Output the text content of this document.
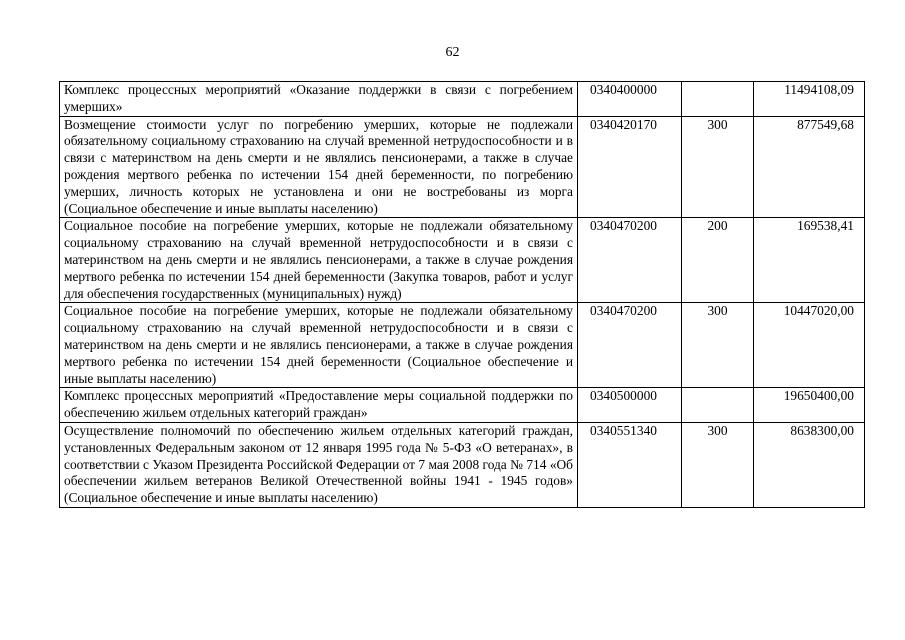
62
Комплекс процессных мероприятий «Оказание поддержки в связи с погребением умерших»	0340400000		11494108,09
Возмещение стоимости услуг по погребению умерших, которые не подлежали обязательному социальному страхованию на случай временной нетрудоспособности и в связи с материнством на день смерти и не являлись пенсионерами, а также в случае рождения мертвого ребенка по истечении 154 дней беременности, по погребению умерших, личность которых не установлена и они не востребованы из морга (Социальное обеспечение и иные выплаты населению)	0340420170	300	877549,68
Социальное пособие на погребение умерших, которые не подлежали обязательному социальному страхованию на случай временной нетрудоспособности и в связи с материнством на день смерти и не являлись пенсионерами, а также в случае рождения мертвого ребенка по истечении 154 дней беременности (Закупка товаров, работ и услуг для обеспечения государственных (муниципальных) нужд)	0340470200	200	169538,41
Социальное пособие на погребение умерших, которые не подлежали обязательному социальному страхованию на случай временной нетрудоспособности и в связи с материнством на день смерти и не являлись пенсионерами, а также в случае рождения мертвого ребенка по истечении 154 дней беременности (Социальное обеспечение и иные выплаты населению)	0340470200	300	10447020,00
Комплекс процессных мероприятий «Предоставление меры социальной поддержки по обеспечению жильем отдельных категорий граждан»	0340500000		19650400,00
Осуществление полномочий по обеспечению жильем отдельных категорий граждан, установленных Федеральным законом от 12 января 1995 года № 5-ФЗ «О ветеранах», в соответствии с Указом Президента Российской Федерации от 7 мая 2008 года № 714 «Об обеспечении жильем ветеранов Великой Отечественной войны 1941 - 1945 годов» (Социальное обеспечение и иные выплаты населению)	0340551340	300	8638300,00
